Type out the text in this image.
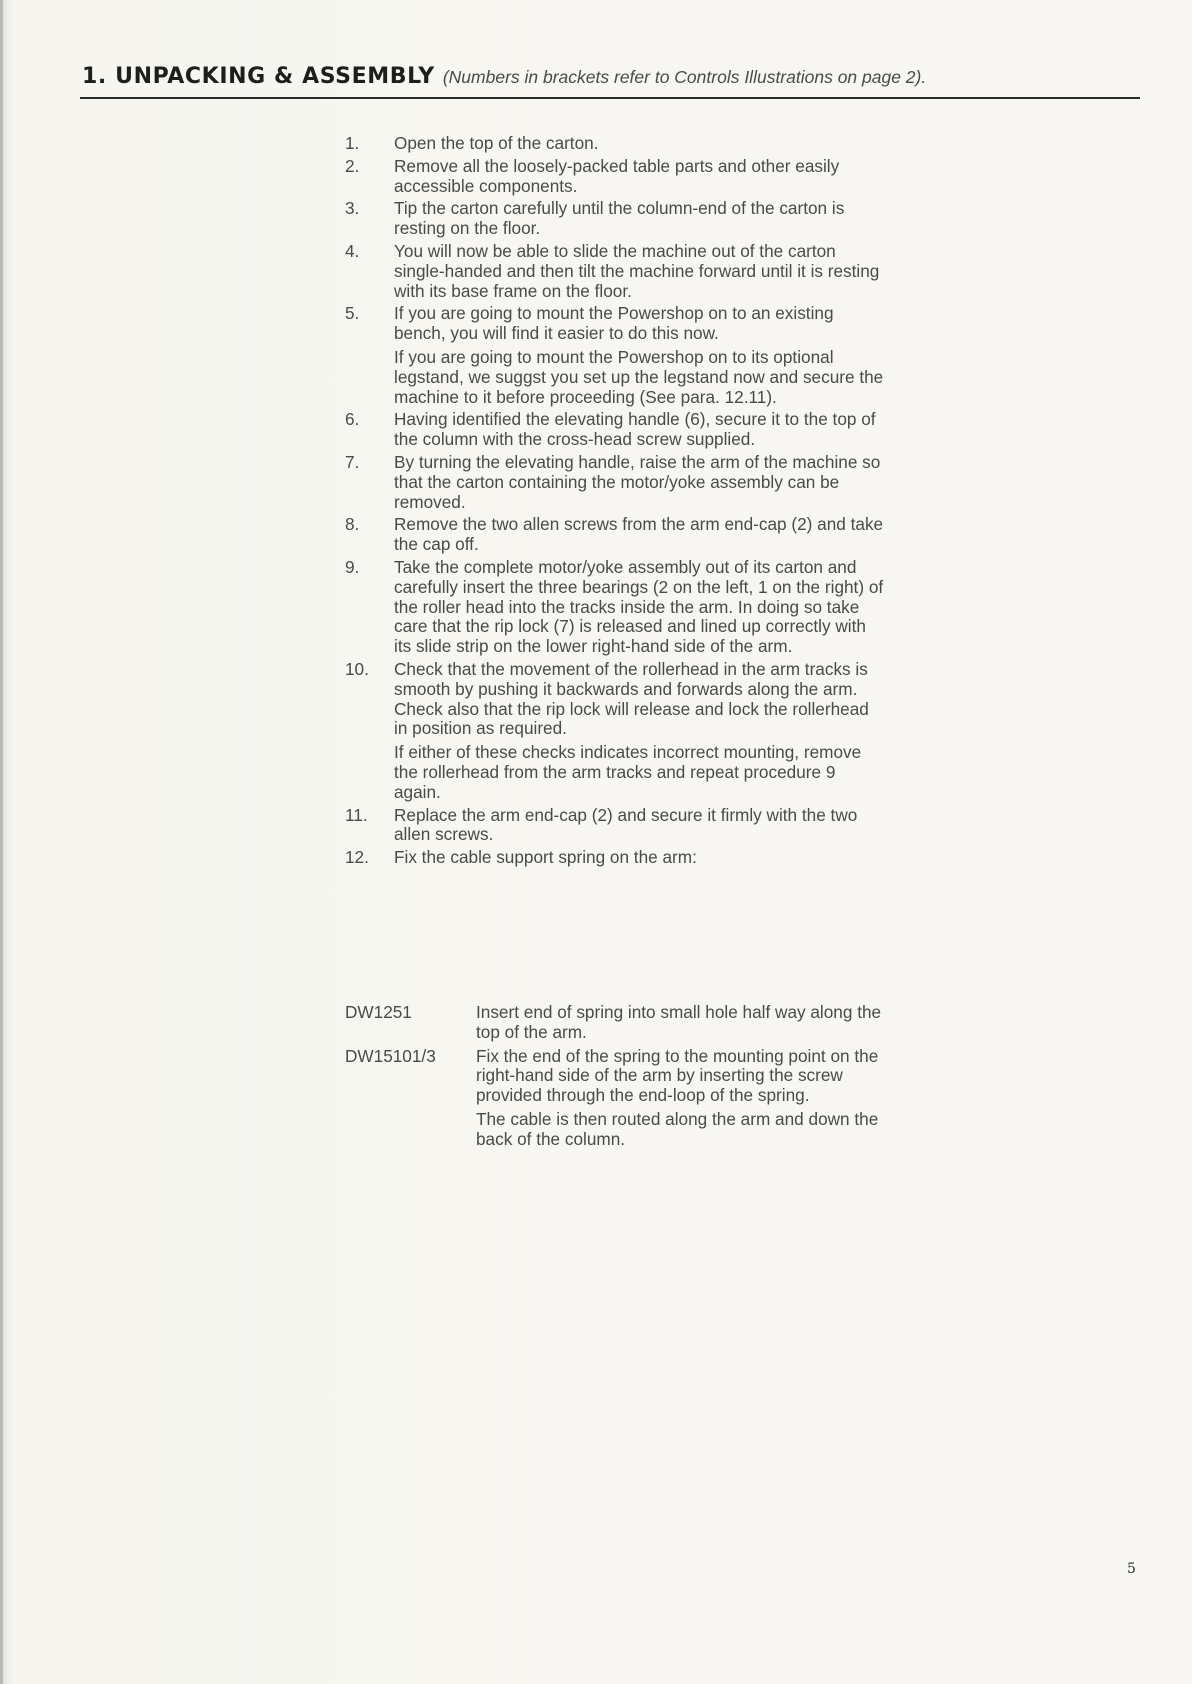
1. UNPACKING & ASSEMBLY (Numbers in brackets refer to Controls Illustrations on page 2).
1. Open the top of the carton.

2. Remove all the loosely-packed table parts and other easily accessible components.

3. Tip the carton carefully until the column-end of the carton is resting on the floor.

4. You will now be able to slide the machine out of the carton single-handed and then tilt the machine forward until it is resting with its base frame on the floor.

5. If you are going to mount the Powershop on to an existing bench, you will find it easier to do this now.

If you are going to mount the Powershop on to its optional legstand, we suggst you set up the legstand now and secure the machine to it before proceeding (See para. 12.11).

6. Having identified the elevating handle (6), secure it to the top of the column with the cross-head screw supplied.

7. By turning the elevating handle, raise the arm of the machine so that the carton containing the motor/yoke assembly can be removed.

8. Remove the two allen screws from the arm end-cap (2) and take the cap off.

9. Take the complete motor/yoke assembly out of its carton and carefully insert the three bearings (2 on the left, 1 on the right) of the roller head into the tracks inside the arm. In doing so take care that the rip lock (7) is released and lined up correctly with its slide strip on the lower right-hand side of the arm.

10. Check that the movement of the rollerhead in the arm tracks is smooth by pushing it backwards and forwards along the arm. Check also that the rip lock will release and lock the rollerhead in position as required.

If either of these checks indicates incorrect mounting, remove the rollerhead from the arm tracks and repeat procedure 9 again.

11. Replace the arm end-cap (2) and secure it firmly with the two allen screws.

12. Fix the cable support spring on the arm:

DW1251	Insert end of spring into small hole half way along the top of the arm.

DW15101/3 Fix the end of the spring to the mounting point on the right-hand side of the arm by inserting the screw provided through the end-loop of the spring.

The cable is then routed along the arm and down the back of the column.

5
